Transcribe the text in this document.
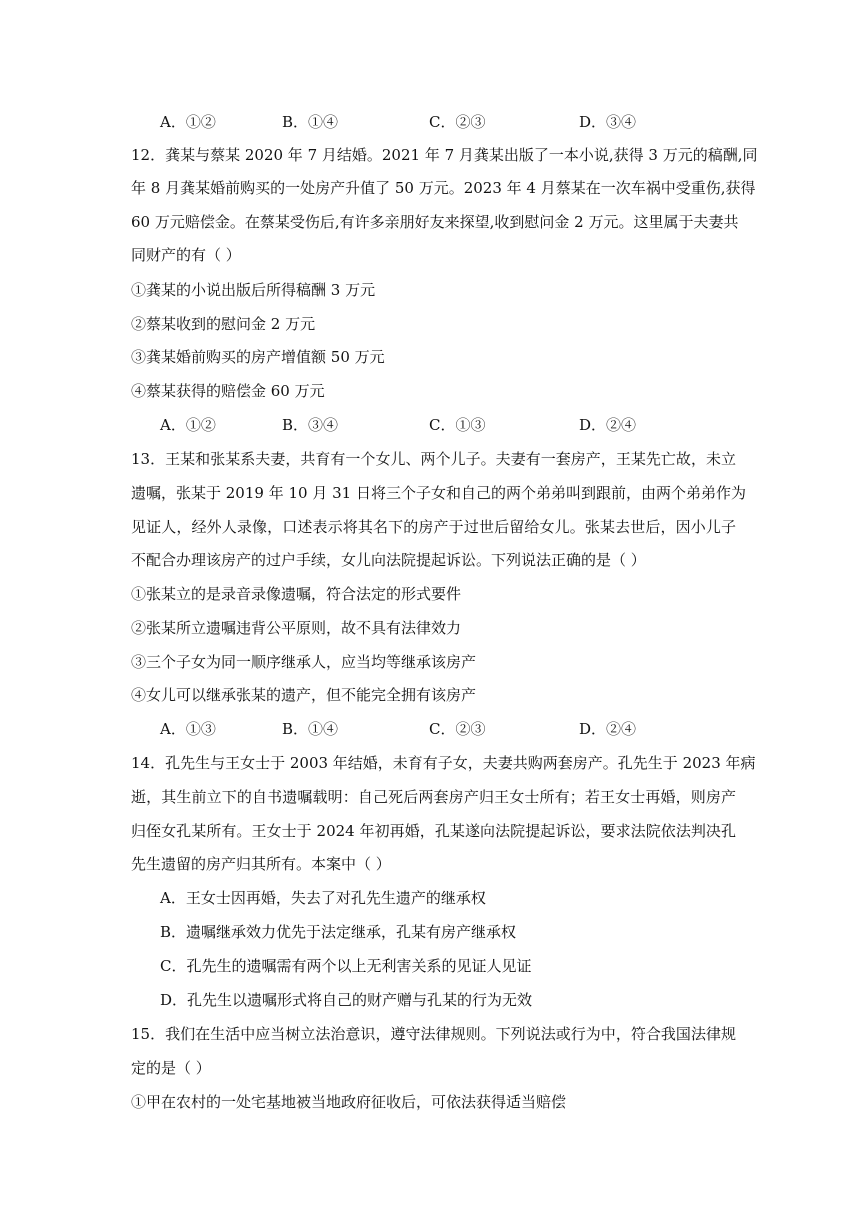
A．①②	B．①④	C．②③	D．③④
12．龚某与蔡某 2020 年 7 月结婚。2021 年 7 月龚某出版了一本小说,获得 3 万元的稿酬,同
年 8 月龚某婚前购买的一处房产升值了 50 万元。2023 年 4 月蔡某在一次车祸中受重伤,获得
60 万元赔偿金。在蔡某受伤后,有许多亲朋好友来探望,收到慰问金 2 万元。这里属于夫妻共
同财产的有（ ）
①龚某的小说出版后所得稿酬 3 万元
②蔡某收到的慰问金 2 万元
③龚某婚前购买的房产增值额 50 万元
④蔡某获得的赔偿金 60 万元
A．①②	B．③④	C．①③	D．②④
13．王某和张某系夫妻，共育有一个女儿、两个儿子。夫妻有一套房产，王某先亡故，未立
遗嘱，张某于 2019 年 10 月 31 日将三个子女和自己的两个弟弟叫到跟前，由两个弟弟作为
见证人，经外人录像，口述表示将其名下的房产于过世后留给女儿。张某去世后，因小儿子
不配合办理该房产的过户手续，女儿向法院提起诉讼。下列说法正确的是（ ）
①张某立的是录音录像遗嘱，符合法定的形式要件
②张某所立遗嘱违背公平原则，故不具有法律效力
③三个子女为同一顺序继承人，应当均等继承该房产
④女儿可以继承张某的遗产，但不能完全拥有该房产
A．①③	B．①④	C．②③	D．②④
14．孔先生与王女士于 2003 年结婚，未育有子女，夫妻共购两套房产。孔先生于 2023 年病
逝，其生前立下的自书遗嘱载明：自己死后两套房产归王女士所有；若王女士再婚，则房产
归侄女孔某所有。王女士于 2024 年初再婚，孔某遂向法院提起诉讼，要求法院依法判决孔
先生遗留的房产归其所有。本案中（ ）
A．王女士因再婚，失去了对孔先生遗产的继承权
B．遗嘱继承效力优先于法定继承，孔某有房产继承权
C．孔先生的遗嘱需有两个以上无利害关系的见证人见证
D．孔先生以遗嘱形式将自己的财产赠与孔某的行为无效
15．我们在生活中应当树立法治意识，遵守法律规则。下列说法或行为中，符合我国法律规
定的是（ ）
①甲在农村的一处宅基地被当地政府征收后，可依法获得适当赔偿
